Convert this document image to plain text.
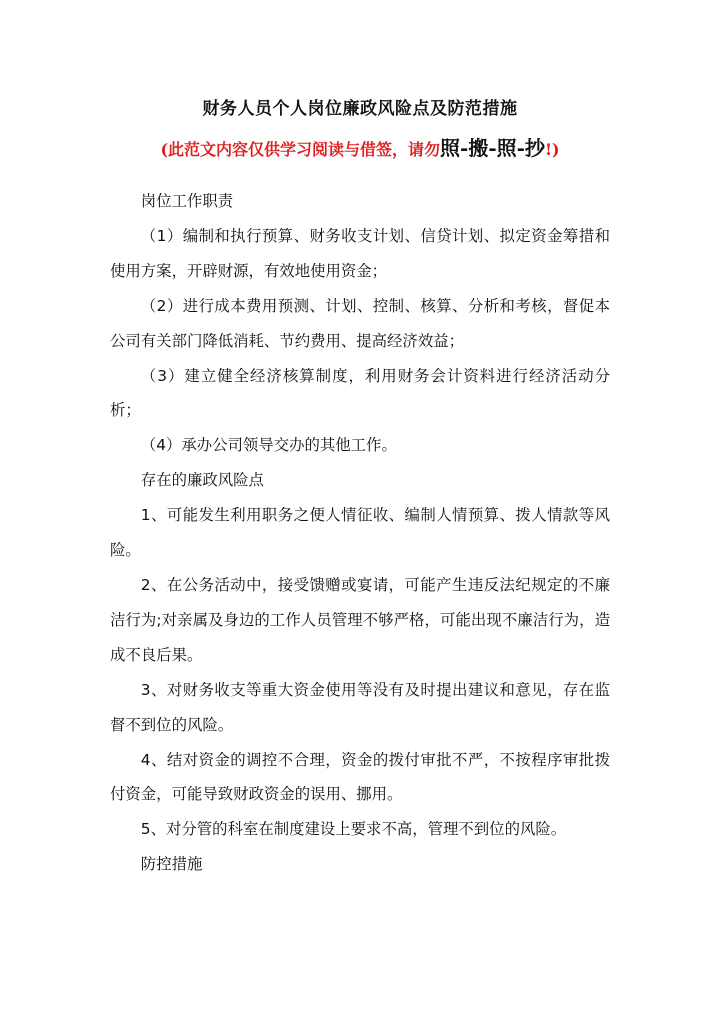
财务人员个人岗位廉政风险点及防范措施
(此范文内容仅供学习阅读与借签，请勿照-搬-照-抄!)

岗位工作职责

（1）编制和执行预算、财务收支计划、信贷计划、拟定资金筹措和使用方案，开辟财源，有效地使用资金；

（2）进行成本费用预测、计划、控制、核算、分析和考核，督促本公司有关部门降低消耗、节约费用、提高经济效益；

（3）建立健全经济核算制度，利用财务会计资料进行经济活动分析；

（4）承办公司领导交办的其他工作。

存在的廉政风险点

1、可能发生利用职务之便人情征收、编制人情预算、拨人情款等风险。

2、在公务活动中，接受馈赠或宴请，可能产生违反法纪规定的不廉洁行为;对亲属及身边的工作人员管理不够严格，可能出现不廉洁行为，造成不良后果。

3、对财务收支等重大资金使用等没有及时提出建议和意见，存在监督不到位的风险。

4、结对资金的调控不合理，资金的拨付审批不严，不按程序审批拨付资金，可能导致财政资金的误用、挪用。

5、对分管的科室在制度建设上要求不高，管理不到位的风险。

防控措施
